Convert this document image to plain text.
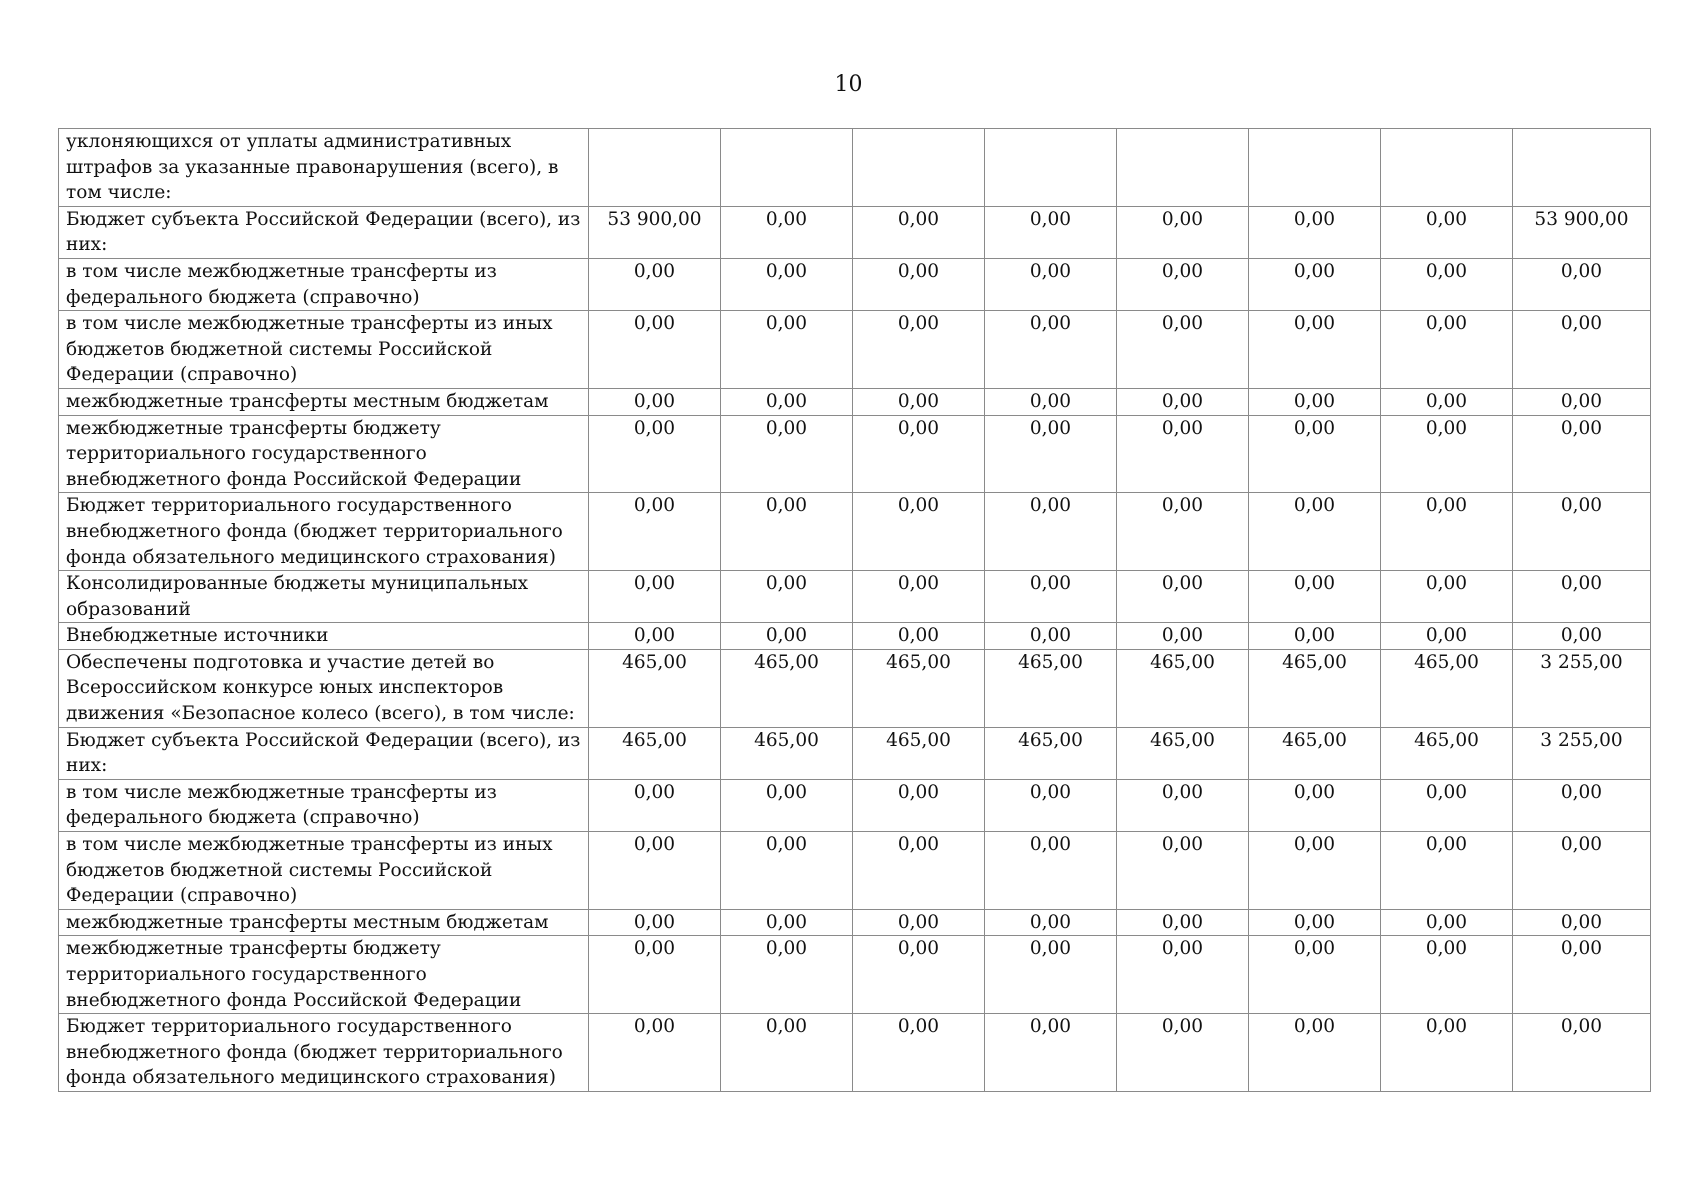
10
уклоняющихся от уплаты административных штрафов за указанные правонарушения (всего), в том числе:								
Бюджет субъекта Российской Федерации (всего), из них:	53 900,00	0,00	0,00	0,00	0,00	0,00	0,00	53 900,00
в том числе межбюджетные трансферты из федерального бюджета (справочно)	0,00	0,00	0,00	0,00	0,00	0,00	0,00	0,00
в том числе межбюджетные трансферты из иных бюджетов бюджетной системы Российской Федерации (справочно)	0,00	0,00	0,00	0,00	0,00	0,00	0,00	0,00
межбюджетные трансферты местным бюджетам	0,00	0,00	0,00	0,00	0,00	0,00	0,00	0,00
межбюджетные трансферты бюджету территориального государственного внебюджетного фонда Российской Федерации	0,00	0,00	0,00	0,00	0,00	0,00	0,00	0,00
Бюджет территориального государственного внебюджетного фонда (бюджет территориального фонда обязательного медицинского страхования)	0,00	0,00	0,00	0,00	0,00	0,00	0,00	0,00
Консолидированные бюджеты муниципальных образований	0,00	0,00	0,00	0,00	0,00	0,00	0,00	0,00
Внебюджетные источники	0,00	0,00	0,00	0,00	0,00	0,00	0,00	0,00
Обеспечены подготовка и участие детей во Всероссийском конкурсе юных инспекторов движения «Безопасное колесо (всего), в том числе:	465,00	465,00	465,00	465,00	465,00	465,00	465,00	3 255,00
Бюджет субъекта Российской Федерации (всего), из них:	465,00	465,00	465,00	465,00	465,00	465,00	465,00	3 255,00
в том числе межбюджетные трансферты из федерального бюджета (справочно)	0,00	0,00	0,00	0,00	0,00	0,00	0,00	0,00
в том числе межбюджетные трансферты из иных бюджетов бюджетной системы Российской Федерации (справочно)	0,00	0,00	0,00	0,00	0,00	0,00	0,00	0,00
межбюджетные трансферты местным бюджетам	0,00	0,00	0,00	0,00	0,00	0,00	0,00	0,00
межбюджетные трансферты бюджету территориального государственного внебюджетного фонда Российской Федерации	0,00	0,00	0,00	0,00	0,00	0,00	0,00	0,00
Бюджет территориального государственного внебюджетного фонда (бюджет территориального фонда обязательного медицинского страхования)	0,00	0,00	0,00	0,00	0,00	0,00	0,00	0,00
